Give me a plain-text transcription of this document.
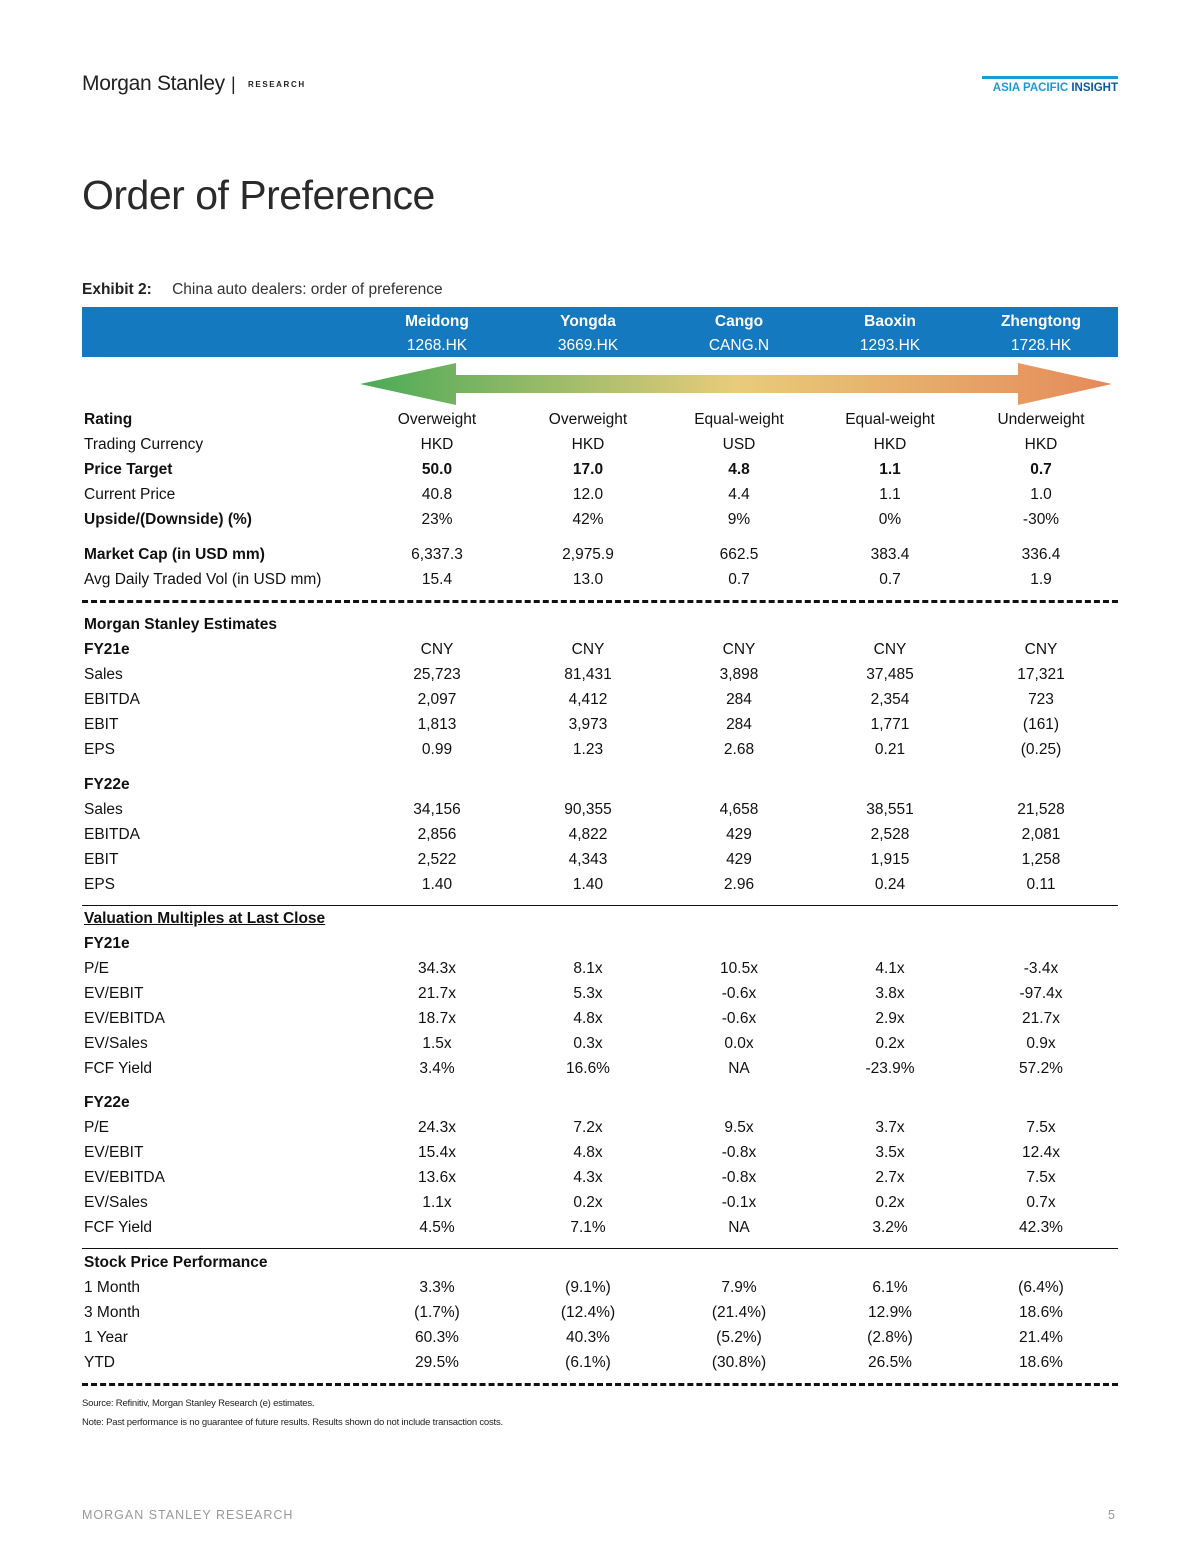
Morgan Stanley | RESEARCH	ASIA PACIFIC INSIGHT
Order of Preference
Exhibit 2: China auto dealers: order of preference
Meidong	Yongda	Cango	Baoxin	Zhengtong
1268.HK	3669.HK	CANG.N	1293.HK	1728.HK
Rating	Overweight	Overweight	Equal-weight	Equal-weight	Underweight
Trading Currency	HKD	HKD	USD	HKD	HKD
Price Target	50.0	17.0	4.8	1.1	0.7
Current Price	40.8	12.0	4.4	1.1	1.0
Upside/(Downside) (%)	23%	42%	9%	0%	-30%
Market Cap (in USD mm)	6,337.3	2,975.9	662.5	383.4	336.4
Avg Daily Traded Vol (in USD mm)	15.4	13.0	0.7	0.7	1.9
Morgan Stanley Estimates
FY21e	CNY	CNY	CNY	CNY	CNY
Sales	25,723	81,431	3,898	37,485	17,321
EBITDA	2,097	4,412	284	2,354	723
EBIT	1,813	3,973	284	1,771	(161)
EPS	0.99	1.23	2.68	0.21	(0.25)
FY22e
Sales	34,156	90,355	4,658	38,551	21,528
EBITDA	2,856	4,822	429	2,528	2,081
EBIT	2,522	4,343	429	1,915	1,258
EPS	1.40	1.40	2.96	0.24	0.11
Valuation Multiples at Last Close
FY21e
P/E	34.3x	8.1x	10.5x	4.1x	-3.4x
EV/EBIT	21.7x	5.3x	-0.6x	3.8x	-97.4x
EV/EBITDA	18.7x	4.8x	-0.6x	2.9x	21.7x
EV/Sales	1.5x	0.3x	0.0x	0.2x	0.9x
FCF Yield	3.4%	16.6%	NA	-23.9%	57.2%
FY22e
P/E	24.3x	7.2x	9.5x	3.7x	7.5x
EV/EBIT	15.4x	4.8x	-0.8x	3.5x	12.4x
EV/EBITDA	13.6x	4.3x	-0.8x	2.7x	7.5x
EV/Sales	1.1x	0.2x	-0.1x	0.2x	0.7x
FCF Yield	4.5%	7.1%	NA	3.2%	42.3%
Stock Price Performance
1 Month	3.3%	(9.1%)	7.9%	6.1%	(6.4%)
3 Month	(1.7%)	(12.4%)	(21.4%)	12.9%	18.6%
1 Year	60.3%	40.3%	(5.2%)	(2.8%)	21.4%
YTD	29.5%	(6.1%)	(30.8%)	26.5%	18.6%
Source: Refinitiv, Morgan Stanley Research (e) estimates.
Note: Past performance is no guarantee of future results. Results shown do not include transaction costs.
MORGAN STANLEY RESEARCH	5
